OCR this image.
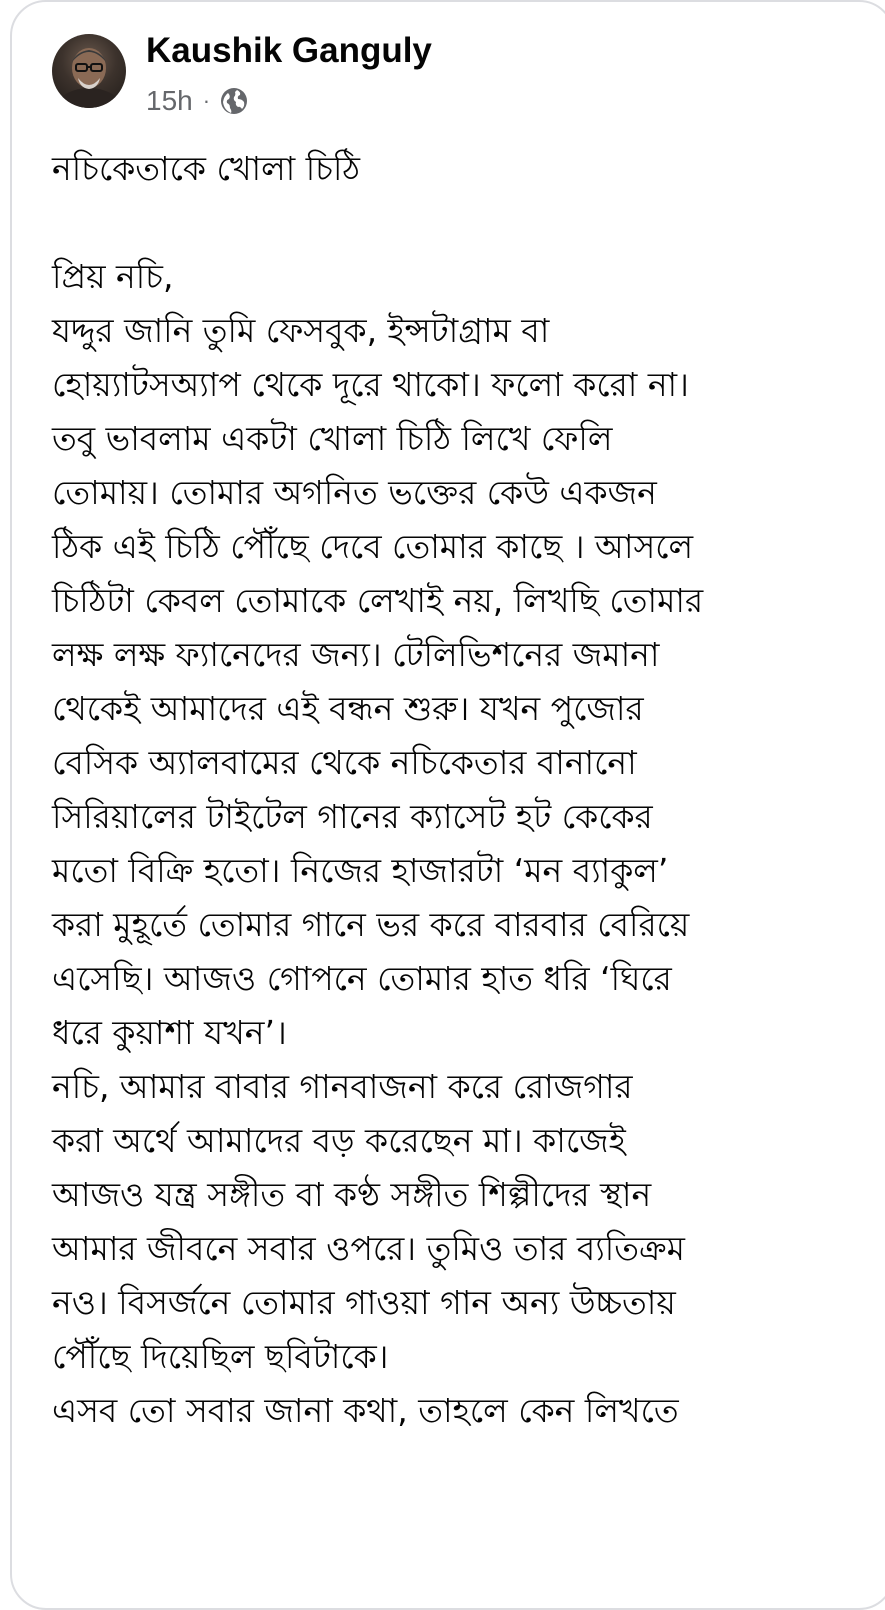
Kaushik Ganguly
15h ·
নচিকেতাকে খোলা চিঠি
প্রিয় নচি,
যদ্দুর জানি তুমি ফেসবুক, ইন্সটাগ্রাম বা
হোয়্যাটসঅ্যাপ থেকে দূরে থাকো। ফলো করো না।
তবু ভাবলাম একটা খোলা চিঠি লিখে ফেলি
তোমায়। তোমার অগনিত ভক্তের কেউ একজন
ঠিক এই চিঠি পৌঁছে দেবে তোমার কাছে । আসলে
চিঠিটা কেবল তোমাকে লেখাই নয়, লিখছি তোমার
লক্ষ লক্ষ ফ্যানেদের জন্য। টেলিভিশনের জমানা
থেকেই আমাদের এই বন্ধন শুরু। যখন পুজোর
বেসিক অ্যালবামের থেকে নচিকেতার বানানো
সিরিয়ালের টাইটেল গানের ক্যাসেট হট কেকের
মতো বিক্রি হতো। নিজের হাজারটা ‘মন ব্যাকুল’
করা মুহূর্তে তোমার গানে ভর করে বারবার বেরিয়ে
এসেছি। আজও গোপনে তোমার হাত ধরি ‘ঘিরে
ধরে কুয়াশা যখন’।
নচি, আমার বাবার গানবাজনা করে রোজগার
করা অর্থে আমাদের বড় করেছেন মা। কাজেই
আজও যন্ত্র সঙ্গীত বা কণ্ঠ সঙ্গীত শিল্পীদের স্থান
আমার জীবনে সবার ওপরে। তুমিও তার ব্যতিক্রম
নও। বিসর্জনে তোমার গাওয়া গান অন্য উচ্চতায়
পৌঁছে দিয়েছিল ছবিটাকে।
এসব তো সবার জানা কথা, তাহলে কেন লিখতে
